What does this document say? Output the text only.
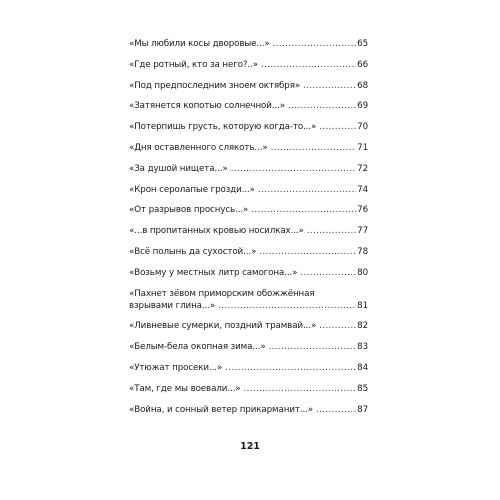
«Мы любили косы дворовые...» . . .	65
«Где ротный, кто за него?..» . . .	66
«Под предпоследним зноем октября» . . .	68
«Затянется копотью солнечной...» . . .	69
«Потерпишь грусть, которую когда-то...» . . .	70
«Дня оставленного слякоть...» . . .	71
«За душой нищета...» . . .	72
«Крон серолапые грозди...» . . .	74
«От разрывов проснусь...» . . .	76
«...в пропитанных кровью носилках...» . . .	77
«Всё полынь да сухостой...» . . .	78
«Возьму у местных литр самогона...» . . .	80
«Пахнет зёвом приморским обожжённая
взрывами глина...» . . .	81
«Ливневые сумерки, поздний трамвай...» . . .	82
«Белым-бела окопная зима...» . . .	83
«Утюжат просеки...» . . .	84
«Там, где мы воевали...» . . .	85
«Война, и сонный ветер прикарманит...» . . .	87
121
